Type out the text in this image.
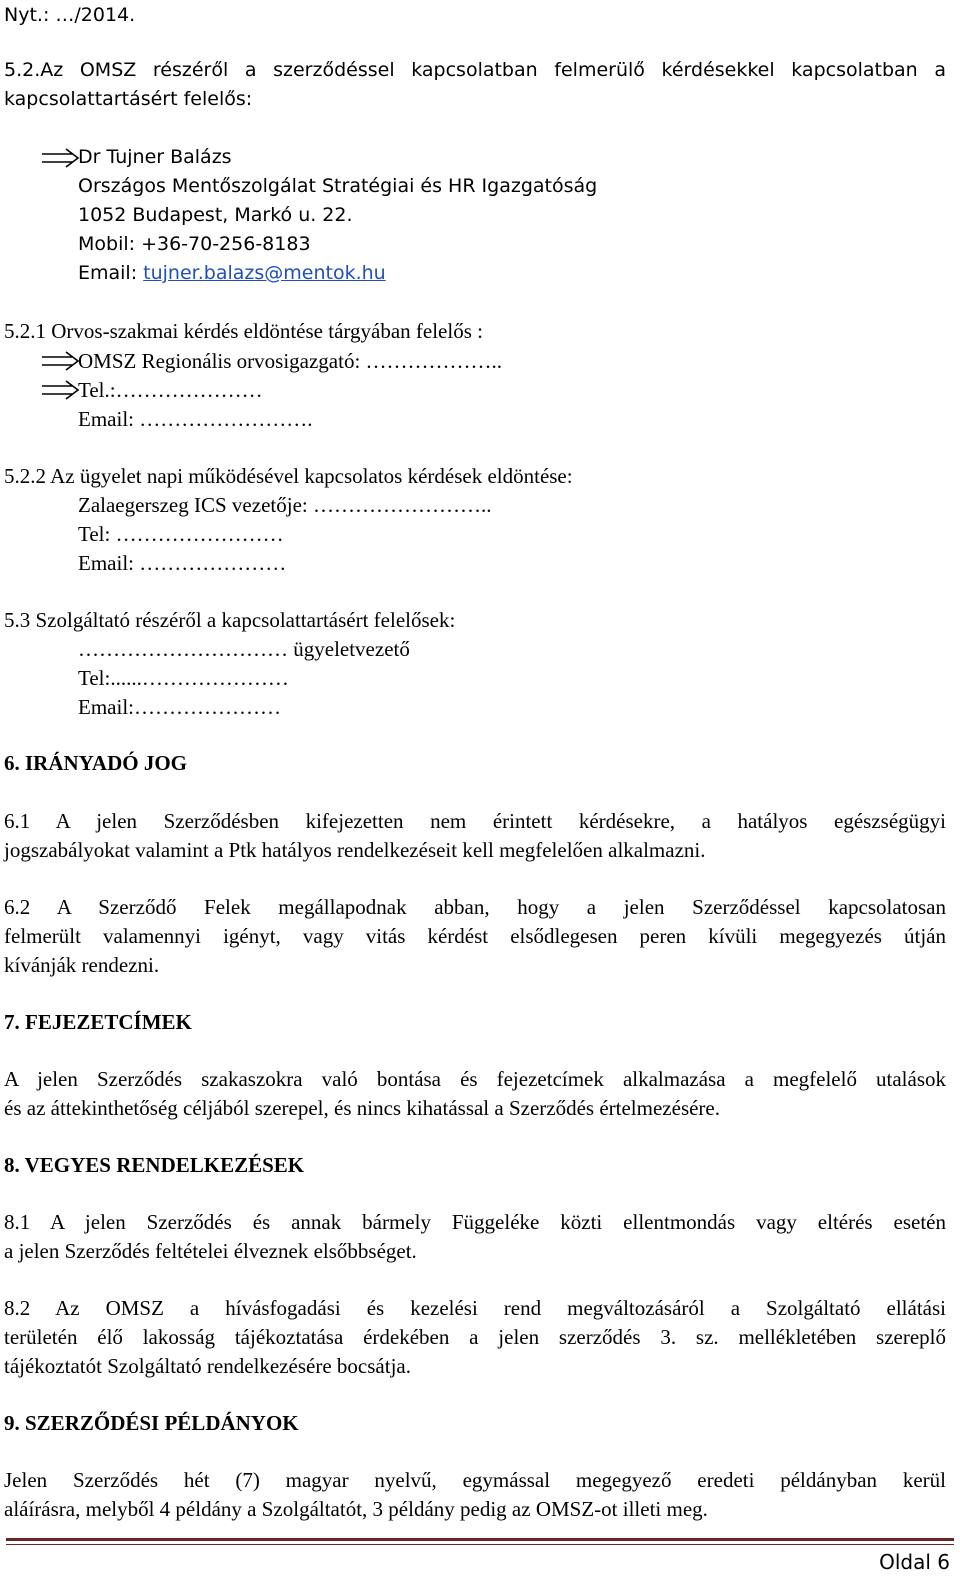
Nyt.: …/2014.
5.2.Az OMSZ részéről a szerződéssel kapcsolatban felmerülő kérdésekkel kapcsolatban a
kapcsolattartásért felelős:
Dr Tujner Balázs
Országos Mentőszolgálat Stratégiai és HR Igazgatóság
1052 Budapest, Markó u. 22.
Mobil: +36-70-256-8183
Email: tujner.balazs@mentok.hu
5.2.1 Orvos-szakmai kérdés eldöntése tárgyában felelős :
OMSZ Regionális orvosigazgató: ………………..
Tel.:…………………
Email: …………………….
5.2.2 Az ügyelet napi működésével kapcsolatos kérdések eldöntése:
Zalaegerszeg ICS vezetője: ……………………..
Tel: ……………………
Email: …………………
5.3 Szolgáltató részéről a kapcsolattartásért felelősek:
………………………… ügyeletvezető
Tel:......…………………
Email:…………………
6. IRÁNYADÓ JOG
6.1 A jelen Szerződésben kifejezetten nem érintett kérdésekre, a hatályos egészségügyi
jogszabályokat valamint a Ptk hatályos rendelkezéseit kell megfelelően alkalmazni.
6.2 A Szerződő Felek megállapodnak abban, hogy a jelen Szerződéssel kapcsolatosan
felmerült valamennyi igényt, vagy vitás kérdést elsődlegesen peren kívüli megegyezés útján
kívánják rendezni.
7. FEJEZETCÍMEK
A jelen Szerződés szakaszokra való bontása és fejezetcímek alkalmazása a megfelelő utalások
és az áttekinthetőség céljából szerepel, és nincs kihatással a Szerződés értelmezésére.
8. VEGYES RENDELKEZÉSEK
8.1 A jelen Szerződés és annak bármely Függeléke közti ellentmondás vagy eltérés esetén
a jelen Szerződés feltételei élveznek elsőbbséget.
8.2 Az OMSZ a hívásfogadási és kezelési rend megváltozásáról a Szolgáltató ellátási
területén élő lakosság tájékoztatása érdekében a jelen szerződés 3. sz. mellékletében szereplő
tájékoztatót Szolgáltató rendelkezésére bocsátja.
9. SZERZŐDÉSI PÉLDÁNYOK
Jelen Szerződés hét (7) magyar nyelvű, egymással megegyező eredeti példányban kerül
aláírásra, melyből 4 példány a Szolgáltatót, 3 példány pedig az OMSZ-ot illeti meg.
Oldal 6
